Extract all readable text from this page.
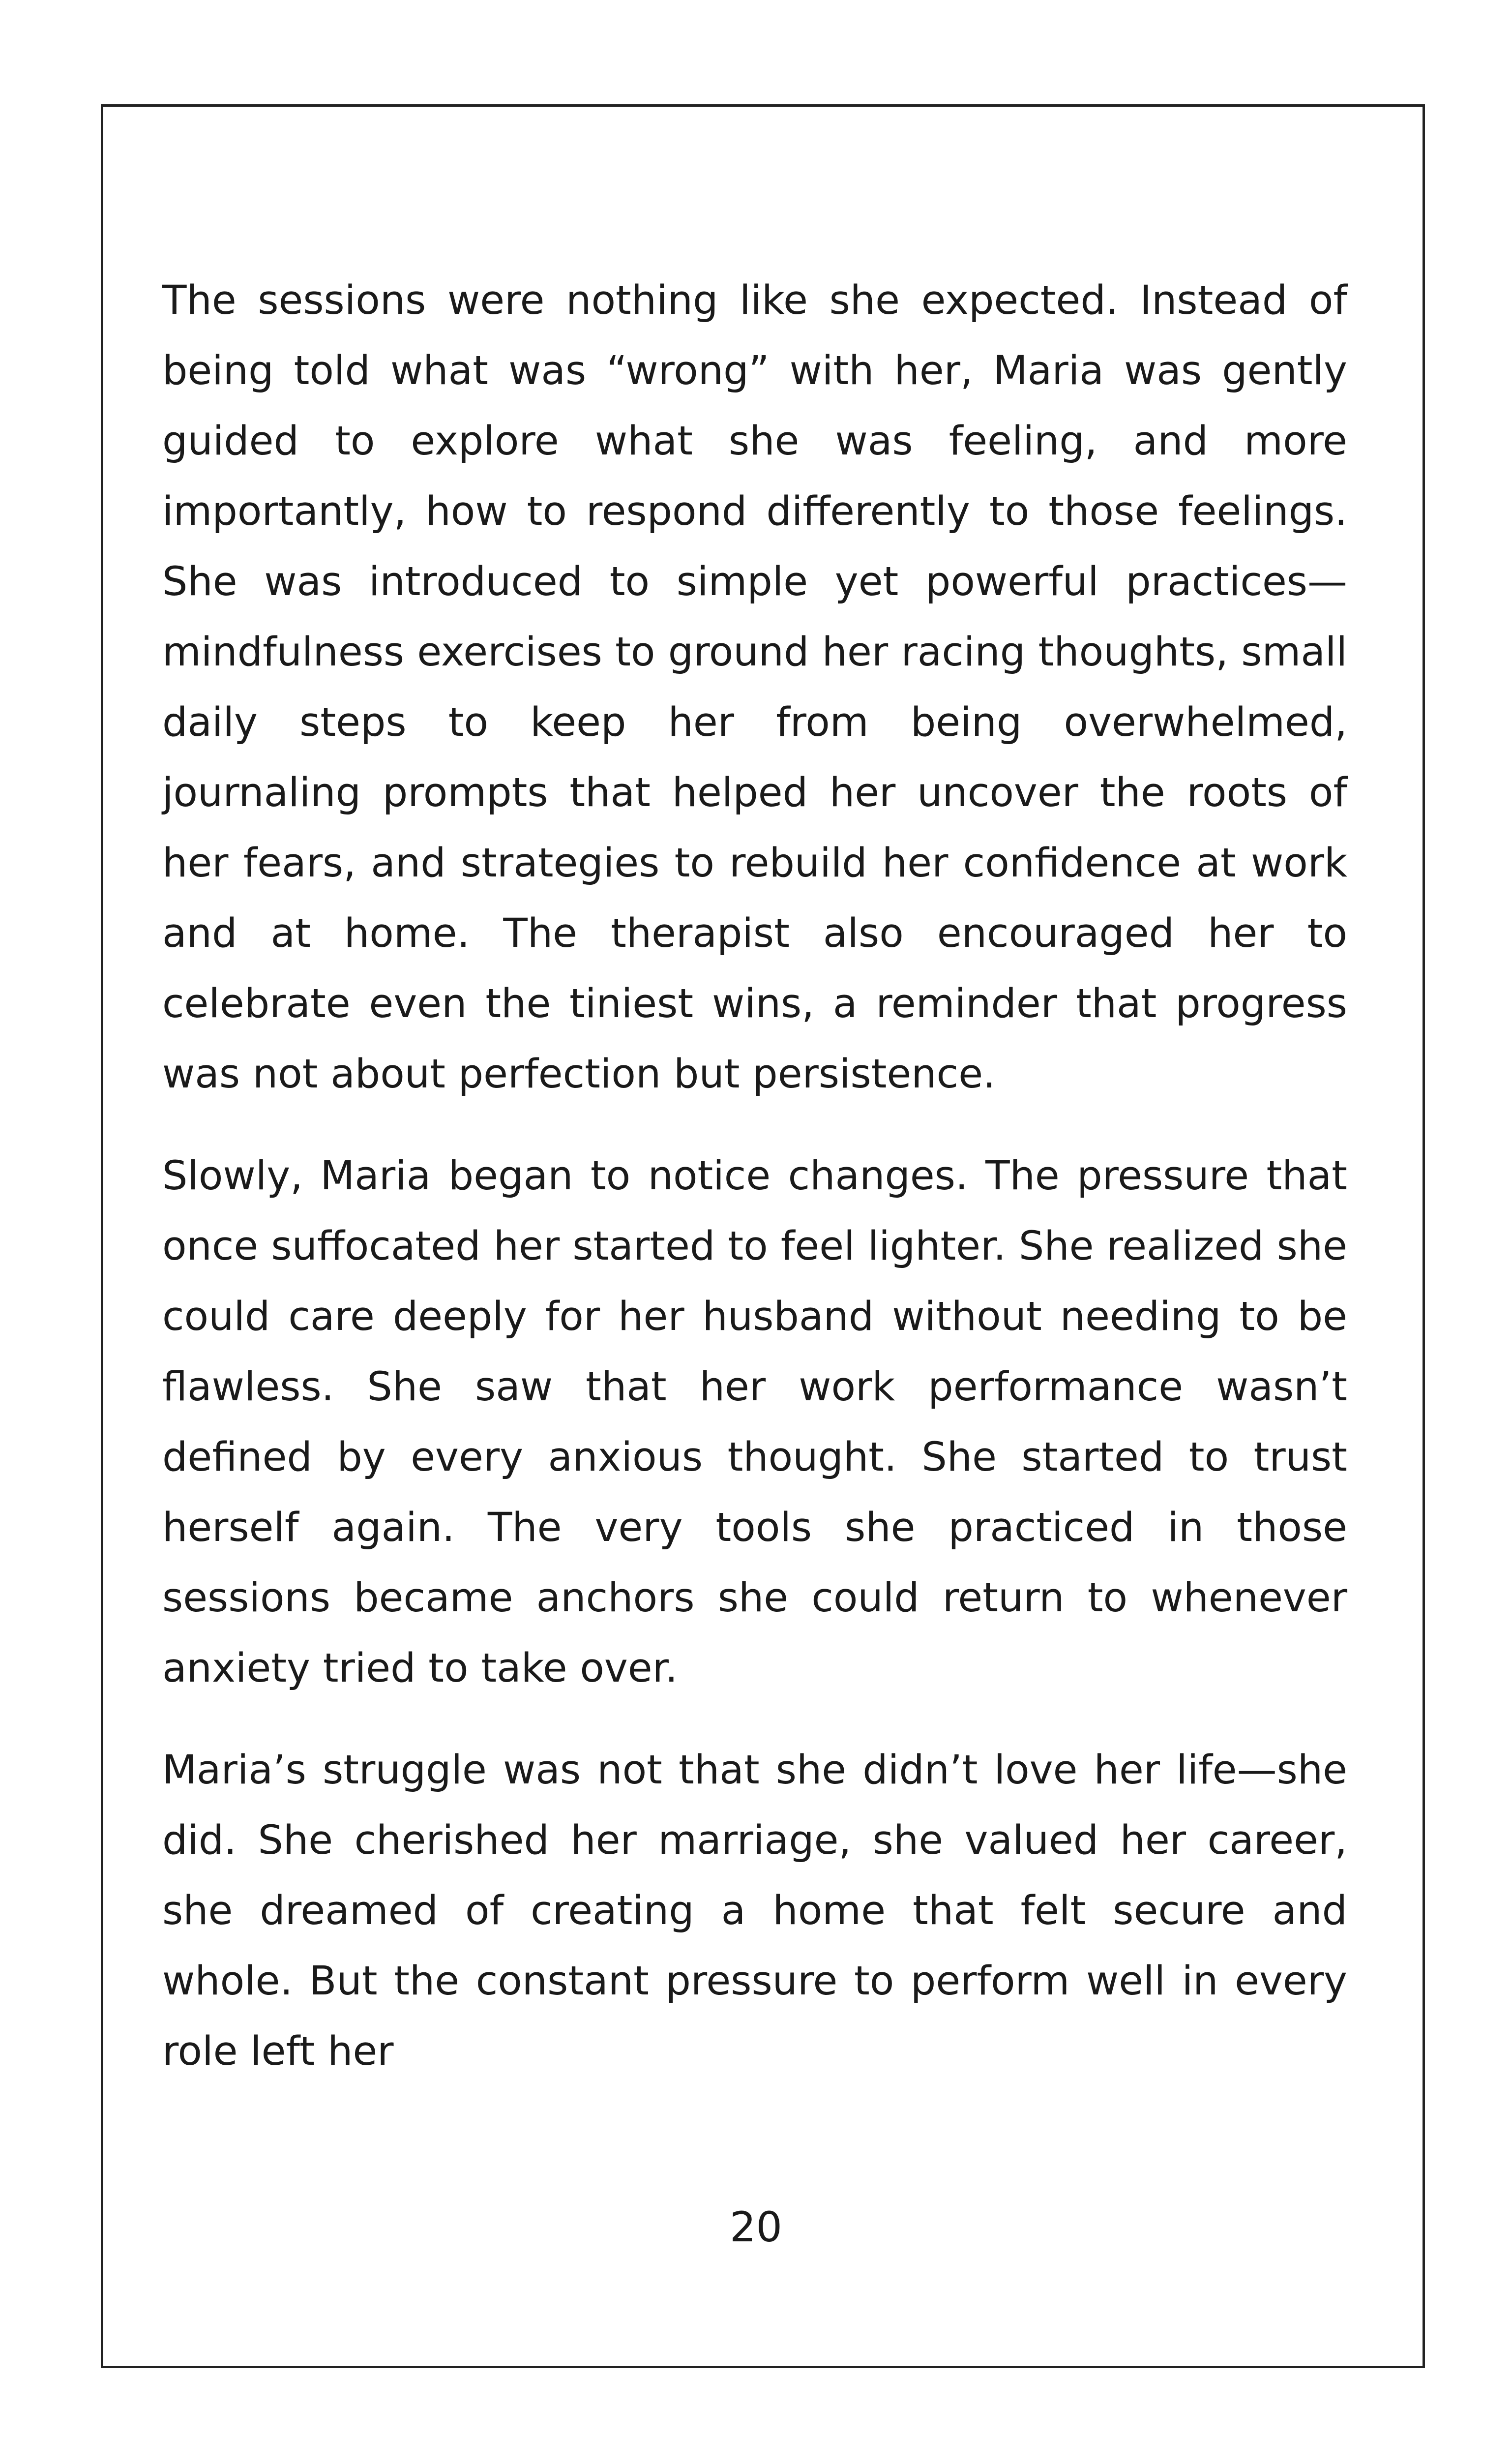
The sessions were nothing like she expected. Instead of being told what was “wrong” with her, Maria was gently guided to explore what she was feeling, and more importantly, how to respond differently to those feelings. She was introduced to simple yet powerful practices—mindfulness exercises to ground her racing thoughts, small daily steps to keep her from being overwhelmed, journaling prompts that helped her uncover the roots of her fears, and strategies to rebuild her confidence at work and at home. The therapist also encouraged her to celebrate even the tiniest wins, a reminder that progress was not about perfection but persistence.

Slowly, Maria began to notice changes. The pressure that once suffocated her started to feel lighter. She realized she could care deeply for her husband without needing to be flawless. She saw that her work performance wasn’t defined by every anxious thought. She started to trust herself again. The very tools she practiced in those sessions became anchors she could return to whenever anxiety tried to take over.

Maria’s struggle was not that she didn’t love her life—she did. She cherished her marriage, she valued her career, she dreamed of creating a home that felt secure and whole. But the constant pressure to perform well in every role left her

20
